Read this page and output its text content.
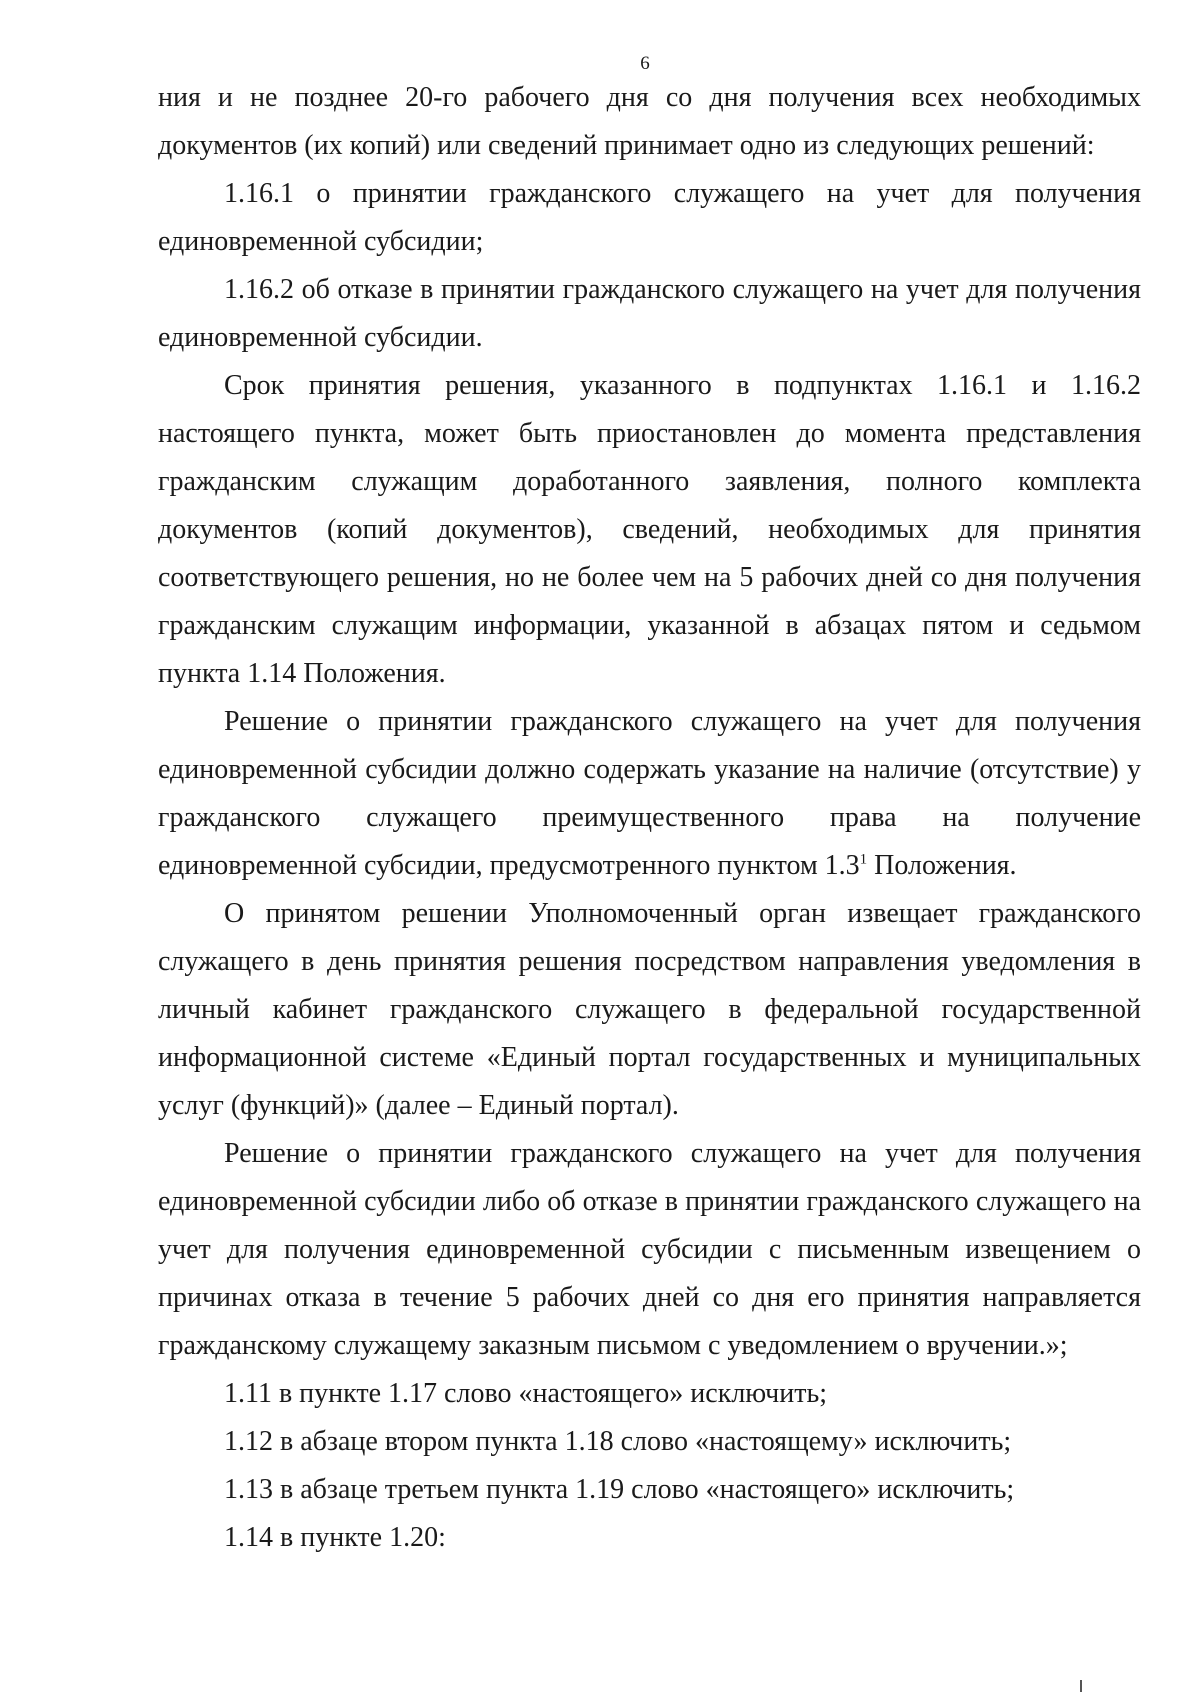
6

ния и не позднее 20-го рабочего дня со дня получения всех необходимых документов (их копий) или сведений принимает одно из следующих решений:

1.16.1 о принятии гражданского служащего на учет для получения единовременной субсидии;

1.16.2 об отказе в принятии гражданского служащего на учет для получения единовременной субсидии.

Срок принятия решения, указанного в подпунктах 1.16.1 и 1.16.2 настоящего пункта, может быть приостановлен до момента представления гражданским служащим доработанного заявления, полного комплекта документов (копий документов), сведений, необходимых для принятия соответствующего решения, но не более чем на 5 рабочих дней со дня получения гражданским служащим информации, указанной в абзацах пятом и седьмом пункта 1.14 Положения.

Решение о принятии гражданского служащего на учет для получения единовременной субсидии должно содержать указание на наличие (отсутствие) у гражданского служащего преимущественного права на получение единовременной субсидии, предусмотренного пунктом $1.3^1$ Положения.

О принятом решении Уполномоченный орган извещает гражданского служащего в день принятия решения посредством направления уведомления в личный кабинет гражданского служащего в федеральной государственной информационной системе «Единый портал государственных и муниципальных услуг (функций)» (далее – Единый портал).

Решение о принятии гражданского служащего на учет для получения единовременной субсидии либо об отказе в принятии гражданского служащего на учет для получения единовременной субсидии с письменным извещением о причинах отказа в течение 5 рабочих дней со дня его принятия направляется гражданскому служащему заказным письмом с уведомлением о вручении.»;

1.11 в пункте 1.17 слово «настоящего» исключить;

1.12 в абзаце втором пункта 1.18 слово «настоящему» исключить;

1.13 в абзаце третьем пункта 1.19 слово «настоящего» исключить;

1.14 в пункте 1.20:
